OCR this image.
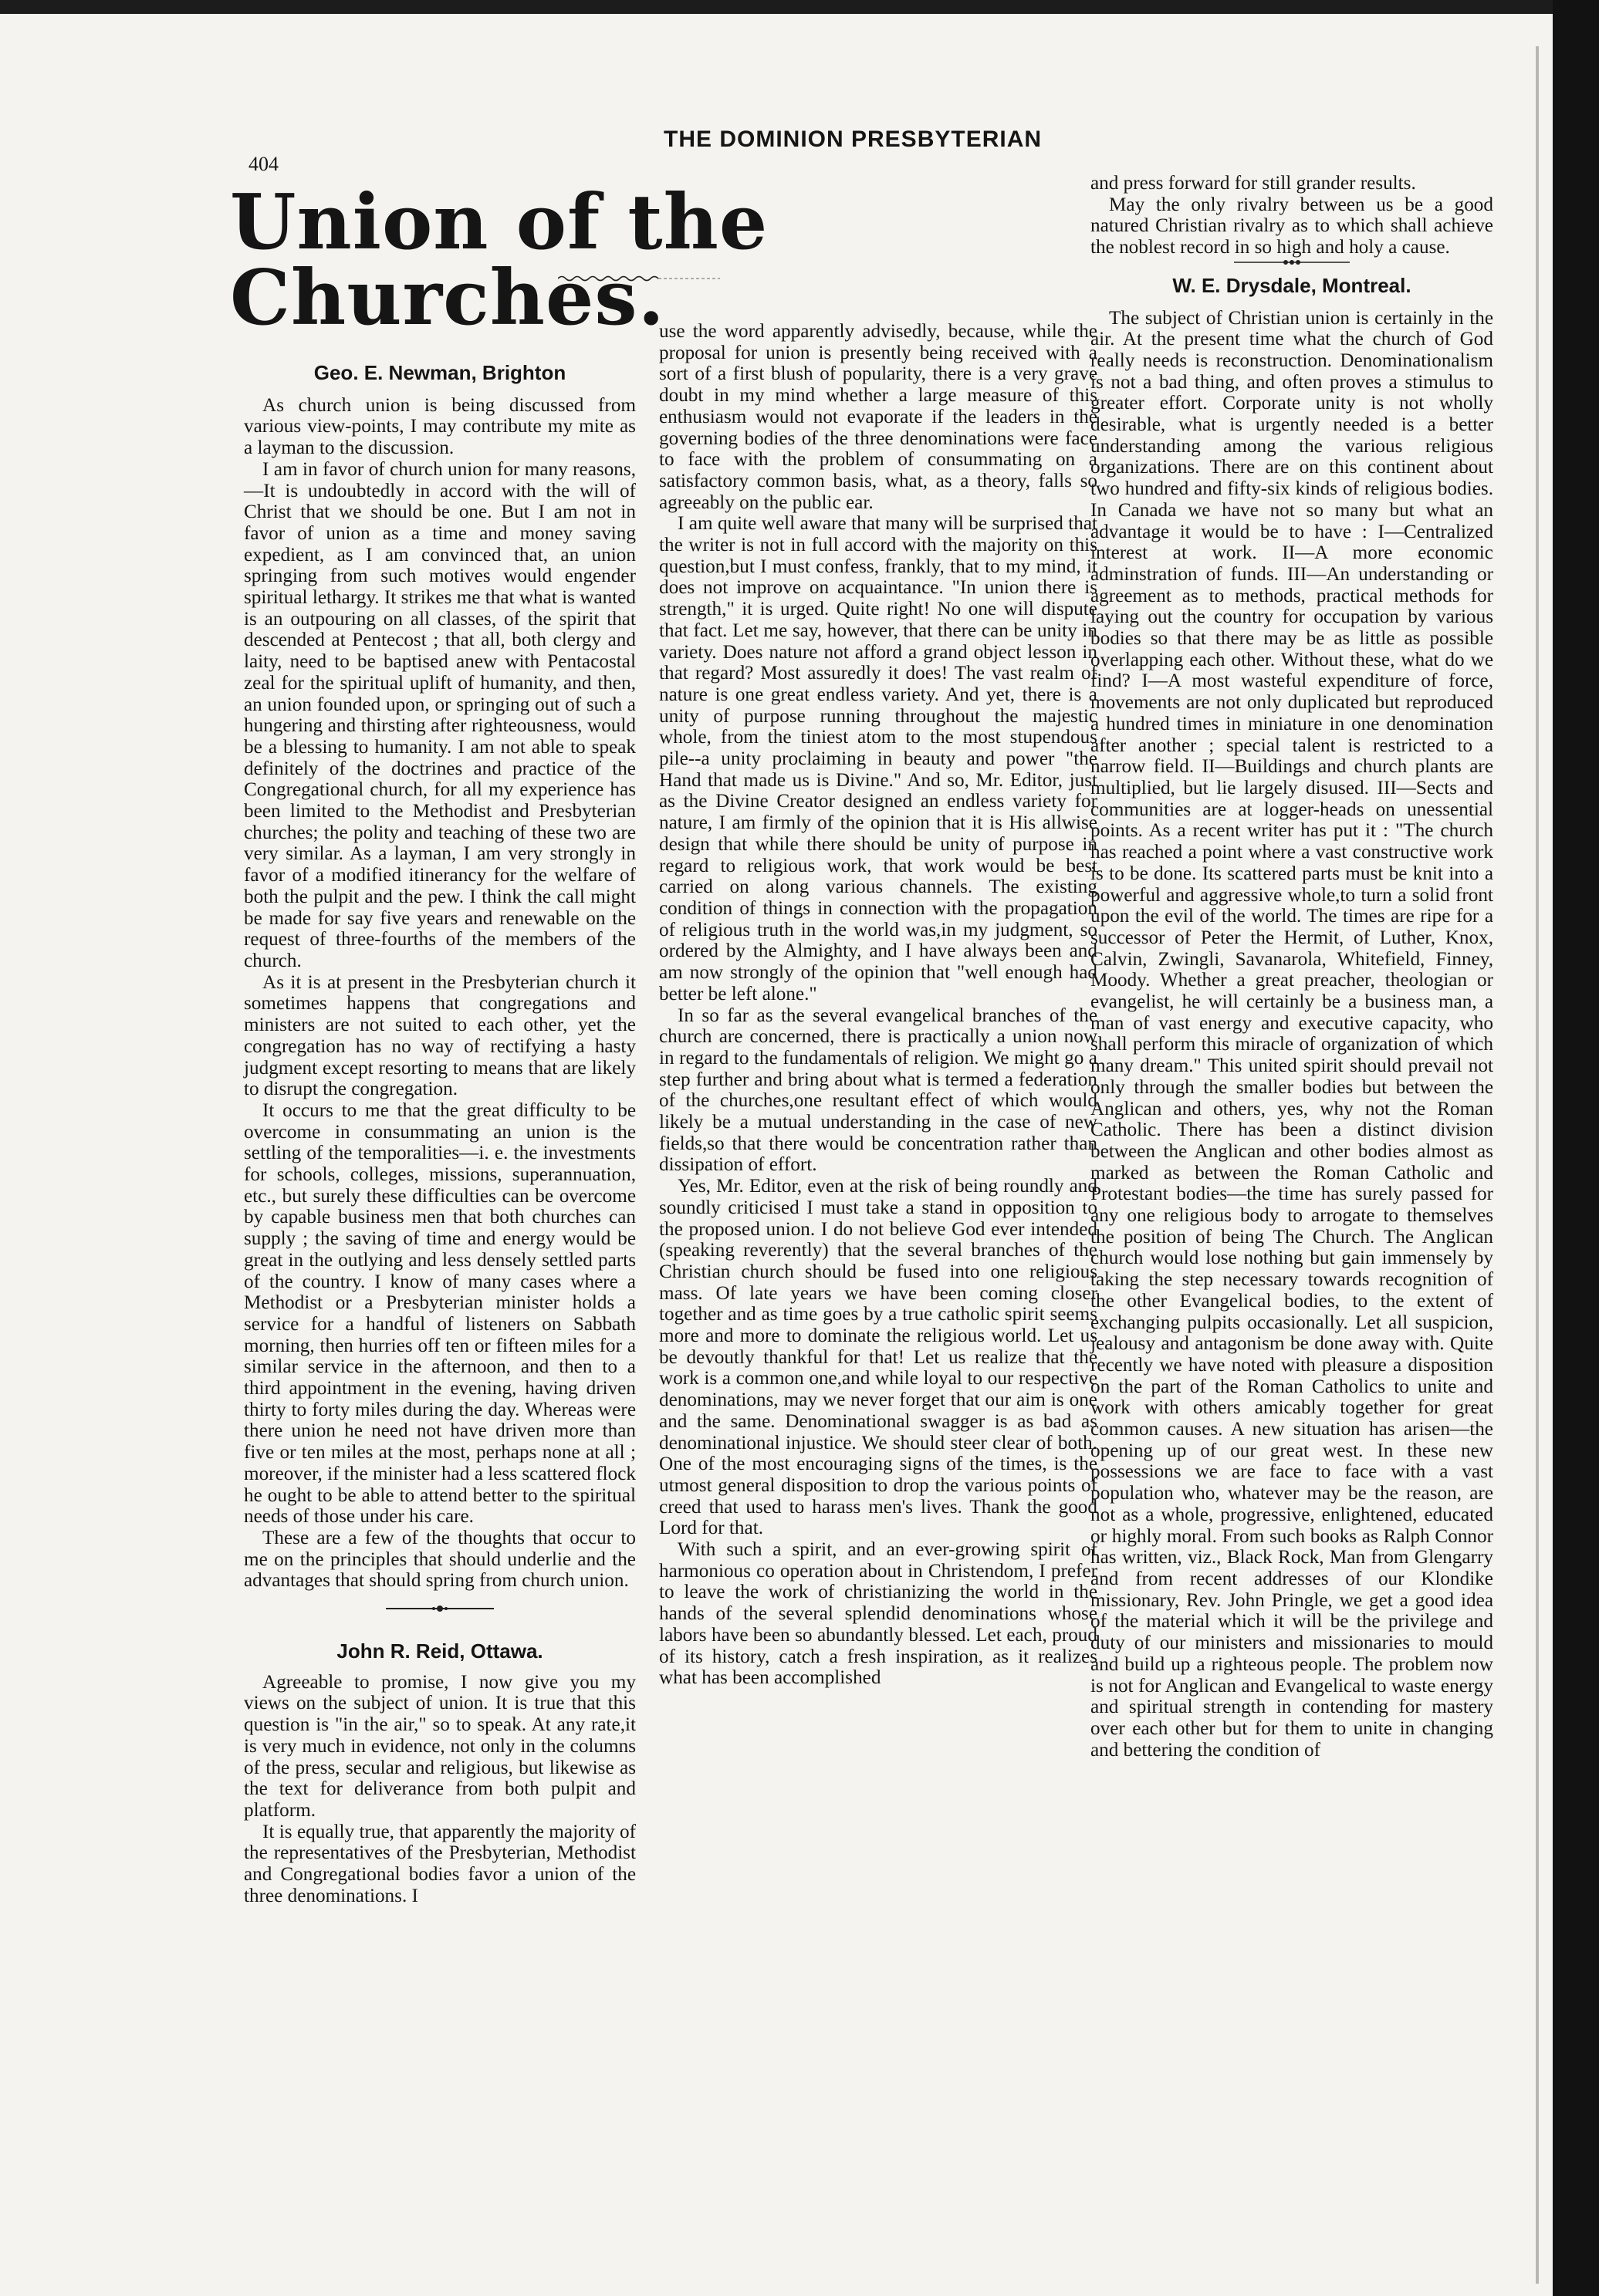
404
THE DOMINION PRESBYTERIAN
Union of the Churches.

Geo. E. Newman, Brighton

As church union is being discussed from various view-points, I may contribute my mite as a layman to the discussion.

I am in favor of church union for many reasons,—It is undoubtedly in accord with the will of Christ that we should be one. But I am not in favor of union as a time and money saving expedient, as I am convinced that, an union springing from such motives would engender spiritual lethargy. It strikes me that what is wanted is an outpouring on all classes, of the spirit that descended at Pentecost ; that all, both clergy and laity, need to be baptised anew with Pentacostal zeal for the spiritual uplift of humanity, and then, an union founded upon, or springing out of such a hungering and thirsting after righteousness, would be a blessing to humanity. I am not able to speak definitely of the doctrines and practice of the Congregational church, for all my experience has been limited to the Methodist and Presbyterian churches; the polity and teaching of these two are very similar. As a layman, I am very strongly in favor of a modified itinerancy for the welfare of both the pulpit and the pew. I think the call might be made for say five years and renewable on the request of three-fourths of the members of the church.

As it is at present in the Presbyterian church it sometimes happens that congregations and ministers are not suited to each other, yet the congregation has no way of rectifying a hasty judgment except resorting to means that are likely to disrupt the congregation.

It occurs to me that the great difficulty to be overcome in consummating an union is the settling of the temporalities—i. e. the investments for schools, colleges, missions, superannuation, etc., but surely these difficulties can be overcome by capable business men that both churches can supply ; the saving of time and energy would be great in the outlying and less densely settled parts of the country. I know of many cases where a Methodist or a Presbyterian minister holds a service for a handful of listeners on Sabbath morning, then hurries off ten or fifteen miles for a similar service in the afternoon, and then to a third appointment in the evening, having driven thirty to forty miles during the day. Whereas were there union he need not have driven more than five or ten miles at the most, perhaps none at all ; moreover, if the minister had a less scattered flock he ought to be able to attend better to the spiritual needs of those under his care.

These are a few of the thoughts that occur to me on the principles that should underlie and the advantages that should spring from church union.

John R. Reid, Ottawa.

Agreeable to promise, I now give you my views on the subject of union. It is true that this question is "in the air," so to speak. At any rate,it is very much in evidence, not only in the columns of the press, secular and religious, but likewise as the text for deliverance from both pulpit and platform.

It is equally true, that apparently the majority of the representatives of the Presbyterian, Methodist and Congregational bodies favor a union of the three denominations. I

use the word apparently advisedly, because, while the proposal for union is presently being received with a sort of a first blush of popularity, there is a very grave doubt in my mind whether a large measure of this enthusiasm would not evaporate if the leaders in the governing bodies of the three denominations were face to face with the problem of consummating on a satisfactory common basis, what, as a theory, falls so agreeably on the public ear.

I am quite well aware that many will be surprised that the writer is not in full accord with the majority on this question,but I must confess, frankly, that to my mind, it does not improve on acquaintance. "In union there is strength," it is urged. Quite right! No one will dispute that fact. Let me say, however, that there can be unity in variety. Does nature not afford a grand object lesson in that regard? Most assuredly it does! The vast realm of nature is one great endless variety. And yet, there is a unity of purpose running throughout the majestic whole, from the tiniest atom to the most stupendous pile--a unity proclaiming in beauty and power "the Hand that made us is Divine." And so, Mr. Editor, just as the Divine Creator designed an endless variety for nature, I am firmly of the opinion that it is His allwise design that while there should be unity of purpose in regard to religious work, that work would be best carried on along various channels. The existing condition of things in connection with the propagation of religious truth in the world was,in my judgment, so ordered by the Almighty, and I have always been and am now strongly of the opinion that "well enough had better be left alone."

In so far as the several evangelical branches of the church are concerned, there is practically a union now in regard to the fundamentals of religion. We might go a step further and bring about what is termed a federation of the churches,one resultant effect of which would likely be a mutual understanding in the case of new fields,so that there would be concentration rather than dissipation of effort.

Yes, Mr. Editor, even at the risk of being roundly and soundly criticised I must take a stand in opposition to the proposed union. I do not believe God ever intended (speaking reverently) that the several branches of the Christian church should be fused into one religious mass. Of late years we have been coming closer together and as time goes by a true catholic spirit seems more and more to dominate the religious world. Let us be devoutly thankful for that! Let us realize that the work is a common one,and while loyal to our respective denominations, may we never forget that our aim is one and the same. Denominational swagger is as bad as denominational injustice. We should steer clear of both. One of the most encouraging signs of the times, is the utmost general disposition to drop the various points of creed that used to harass men's lives. Thank the good Lord for that.

With such a spirit, and an ever-growing spirit of harmonious co operation about in Christendom, I prefer to leave the work of christianizing the world in the hands of the several splendid denominations whose labors have been so abundantly blessed. Let each, proud of its history, catch a fresh inspiration, as it realizes what has been accomplished

and press forward for still grander results.

May the only rivalry between us be a good natured Christian rivalry as to which shall achieve the noblest record in so high and holy a cause.

W. E. Drysdale, Montreal.

The subject of Christian union is certainly in the air. At the present time what the church of God really needs is reconstruction. Denominationalism is not a bad thing, and often proves a stimulus to greater effort. Corporate unity is not wholly desirable, what is urgently needed is a better understanding among the various religious organizations. There are on this continent about two hundred and fifty-six kinds of religious bodies. In Canada we have not so many but what an advantage it would be to have : I—Centralized interest at work. II—A more economic adminstration of funds. III—An understanding or agreement as to methods, practical methods for laying out the country for occupation by various bodies so that there may be as little as possible overlapping each other. Without these, what do we find? I—A most wasteful expenditure of force, movements are not only duplicated but reproduced a hundred times in miniature in one denomination after another ; special talent is restricted to a narrow field. II—Buildings and church plants are multiplied, but lie largely disused. III—Sects and communities are at logger-heads on unessential points. As a recent writer has put it : "The church has reached a point where a vast constructive work is to be done. Its scattered parts must be knit into a powerful and aggressive whole,to turn a solid front upon the evil of the world. The times are ripe for a successor of Peter the Hermit, of Luther, Knox, Calvin, Zwingli, Savanarola, Whitefield, Finney, Moody. Whether a great preacher, theologian or evangelist, he will certainly be a business man, a man of vast energy and executive capacity, who shall perform this miracle of organization of which many dream." This united spirit should prevail not only through the smaller bodies but between the Anglican and others, yes, why not the Roman Catholic. There has been a distinct division between the Anglican and other bodies almost as marked as between the Roman Catholic and Protestant bodies—the time has surely passed for any one religious body to arrogate to themselves the position of being The Church. The Anglican church would lose nothing but gain immensely by taking the step necessary towards recognition of the other Evangelical bodies, to the extent of exchanging pulpits occasionally. Let all suspicion, jealousy and antagonism be done away with. Quite recently we have noted with pleasure a disposition on the part of the Roman Catholics to unite and work with others amicably together for great common causes. A new situation has arisen—the opening up of our great west. In these new possessions we are face to face with a vast population who, whatever may be the reason, are not as a whole, progressive, enlightened, educated or highly moral. From such books as Ralph Connor has written, viz., Black Rock, Man from Glengarry and from recent addresses of our Klondike missionary, Rev. John Pringle, we get a good idea of the material which it will be the privilege and duty of our ministers and missionaries to mould and build up a righteous people. The problem now is not for Anglican and Evangelical to waste energy and spiritual strength in contending for mastery over each other but for them to unite in changing and bettering the condition of
